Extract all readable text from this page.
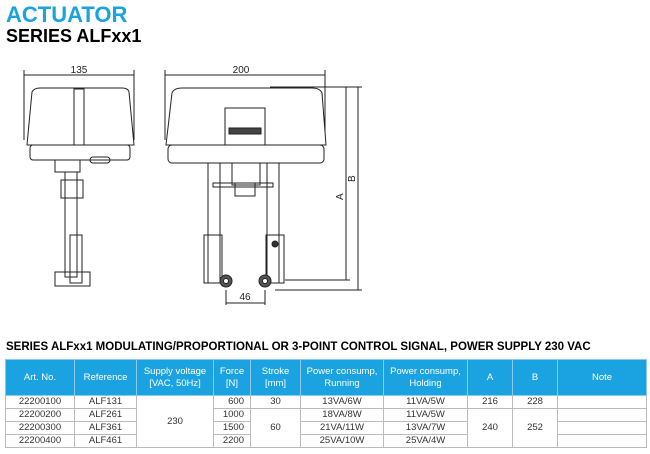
ACTUATOR
SERIES ALFxx1
135	200
46
A
B
SERIES ALFxx1 MODULATING/PROPORTIONAL OR 3-POINT CONTROL SIGNAL, POWER SUPPLY 230 VAC
Art. No.	Reference	Supply voltage [VAC, 50Hz]	Force [N]	Stroke [mm]	Power consump, Running	Power consump, Holding	A	B	Note
22200100	ALF131	230	600	30	13VA/6W	11VA/5W	216	228	
22200200	ALF261		1000	60	18VA/8W	11VA/5W	240	252	
22200300	ALF361		1500		21VA/11W	13VA/7W			
22200400	ALF461		2200		25VA/10W	25VA/4W			
